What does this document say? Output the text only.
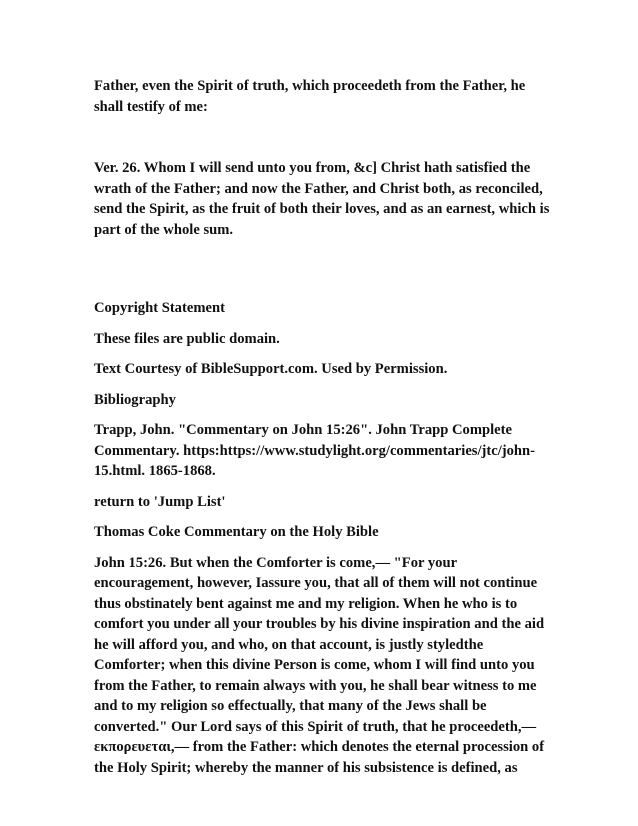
Father, even the Spirit of truth, which proceedeth from the Father, he shall testify of me:

Ver. 26. Whom I will send unto you from, &c] Christ hath satisfied the wrath of the Father; and now the Father, and Christ both, as reconciled, send the Spirit, as the fruit of both their loves, and as an earnest, which is part of the whole sum.

Copyright Statement

These files are public domain.

Text Courtesy of BibleSupport.com. Used by Permission.

Bibliography

Trapp, John. "Commentary on John 15:26". John Trapp Complete Commentary. https:https://www.studylight.org/commentaries/jtc/john-15.html. 1865-1868.

return to 'Jump List'

Thomas Coke Commentary on the Holy Bible

John 15:26. But when the Comforter is come,— "For your encouragement, however, Iassure you, that all of them will not continue thus obstinately bent against me and my religion. When he who is to comfort you under all your troubles by his divine inspiration and the aid he will afford you, and who, on that account, is justly styledthe Comforter; when this divine Person is come, whom I will find unto you from the Father, to remain always with you, he shall bear witness to me and to my religion so effectually, that many of the Jews shall be converted." Our Lord says of this Spirit of truth, that he proceedeth,— εκπορευεται,— from the Father: which denotes the eternal procession of the Holy Spirit; whereby the manner of his subsistence is defined, as
